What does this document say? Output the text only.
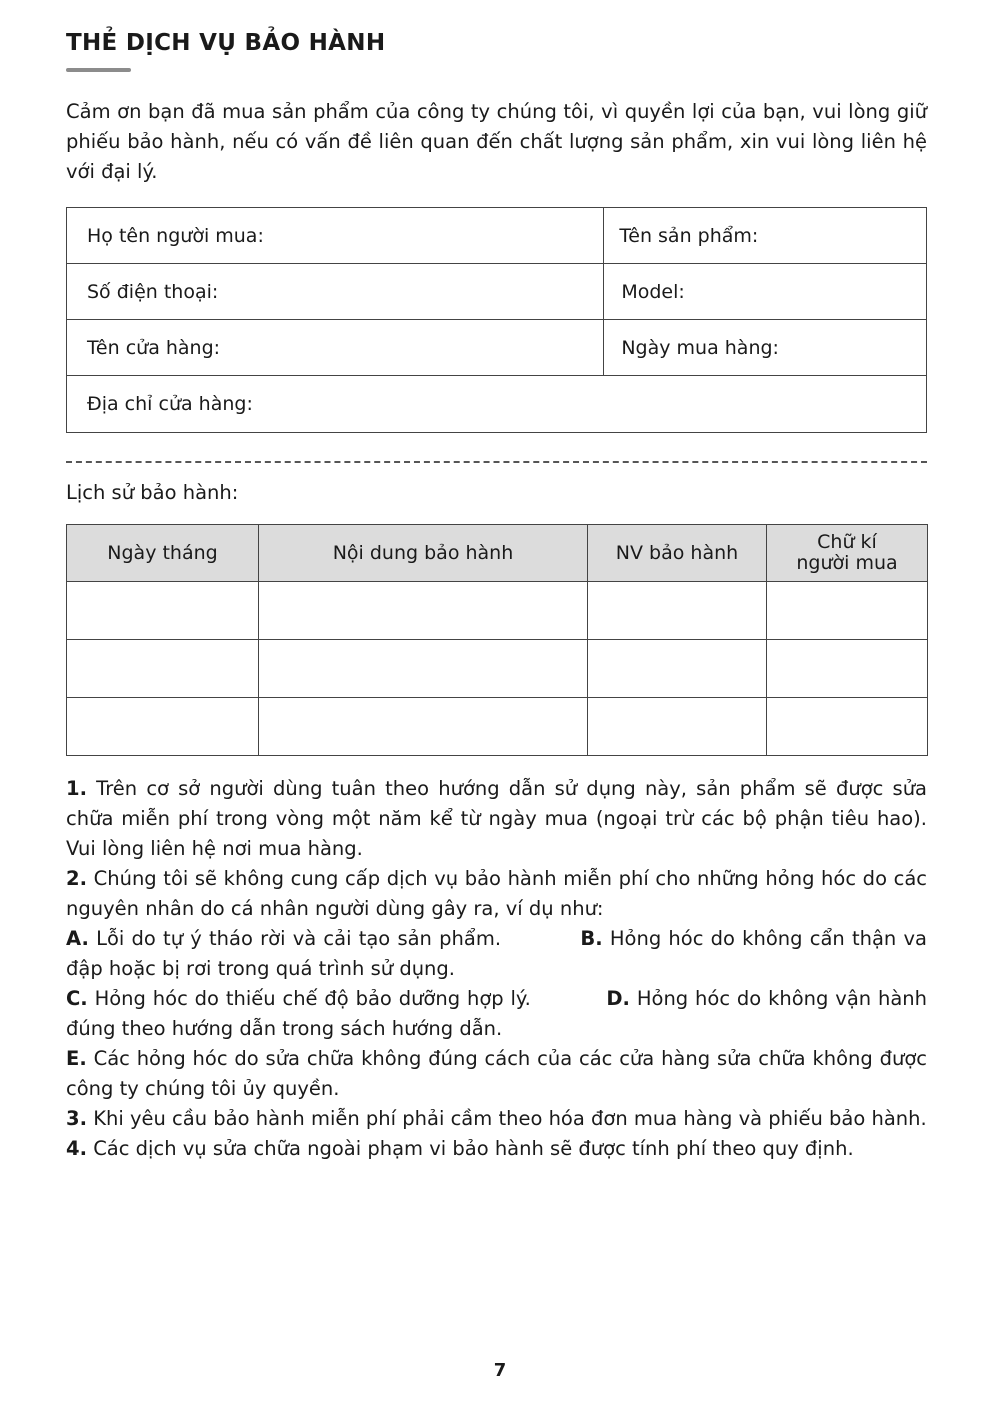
THẺ DỊCH VỤ BẢO HÀNH

Cảm ơn bạn đã mua sản phẩm của công ty chúng tôi, vì quyền lợi của bạn, vui lòng giữ phiếu bảo hành, nếu có vấn đề liên quan đến chất lượng sản phẩm, xin vui lòng liên hệ với đại lý.

Họ tên người mua:	Tên sản phẩm:
Số điện thoại:	Model:
Tên cửa hàng:	Ngày mua hàng:
Địa chỉ cửa hàng:	

Lịch sử bảo hành:

Ngày tháng	Nội dung bảo hành	NV bảo hành	Chữ kí
người mua

1. Trên cơ sở người dùng tuân theo hướng dẫn sử dụng này, sản phẩm sẽ được sửa chữa miễn phí trong vòng một năm kể từ ngày mua (ngoại trừ các bộ phận tiêu hao). Vui lòng liên hệ nơi mua hàng.

2. Chúng tôi sẽ không cung cấp dịch vụ bảo hành miễn phí cho những hỏng hóc do các nguyên nhân do cá nhân người dùng gây ra, ví dụ như:

A. Lỗi do tự ý tháo rời và cải tạo sản phẩm.	B. Hỏng hóc do không cẩn thận va đập hoặc bị rơi trong quá trình sử dụng.

C. Hỏng hóc do thiếu chế độ bảo dưỡng hợp lý.	D. Hỏng hóc do không vận hành đúng theo hướng dẫn trong sách hướng dẫn.

E. Các hỏng hóc do sửa chữa không đúng cách của các cửa hàng sửa chữa không được công ty chúng tôi ủy quyền.

3. Khi yêu cầu bảo hành miễn phí phải cầm theo hóa đơn mua hàng và phiếu bảo hành.

4. Các dịch vụ sửa chữa ngoài phạm vi bảo hành sẽ được tính phí theo quy định.

7
